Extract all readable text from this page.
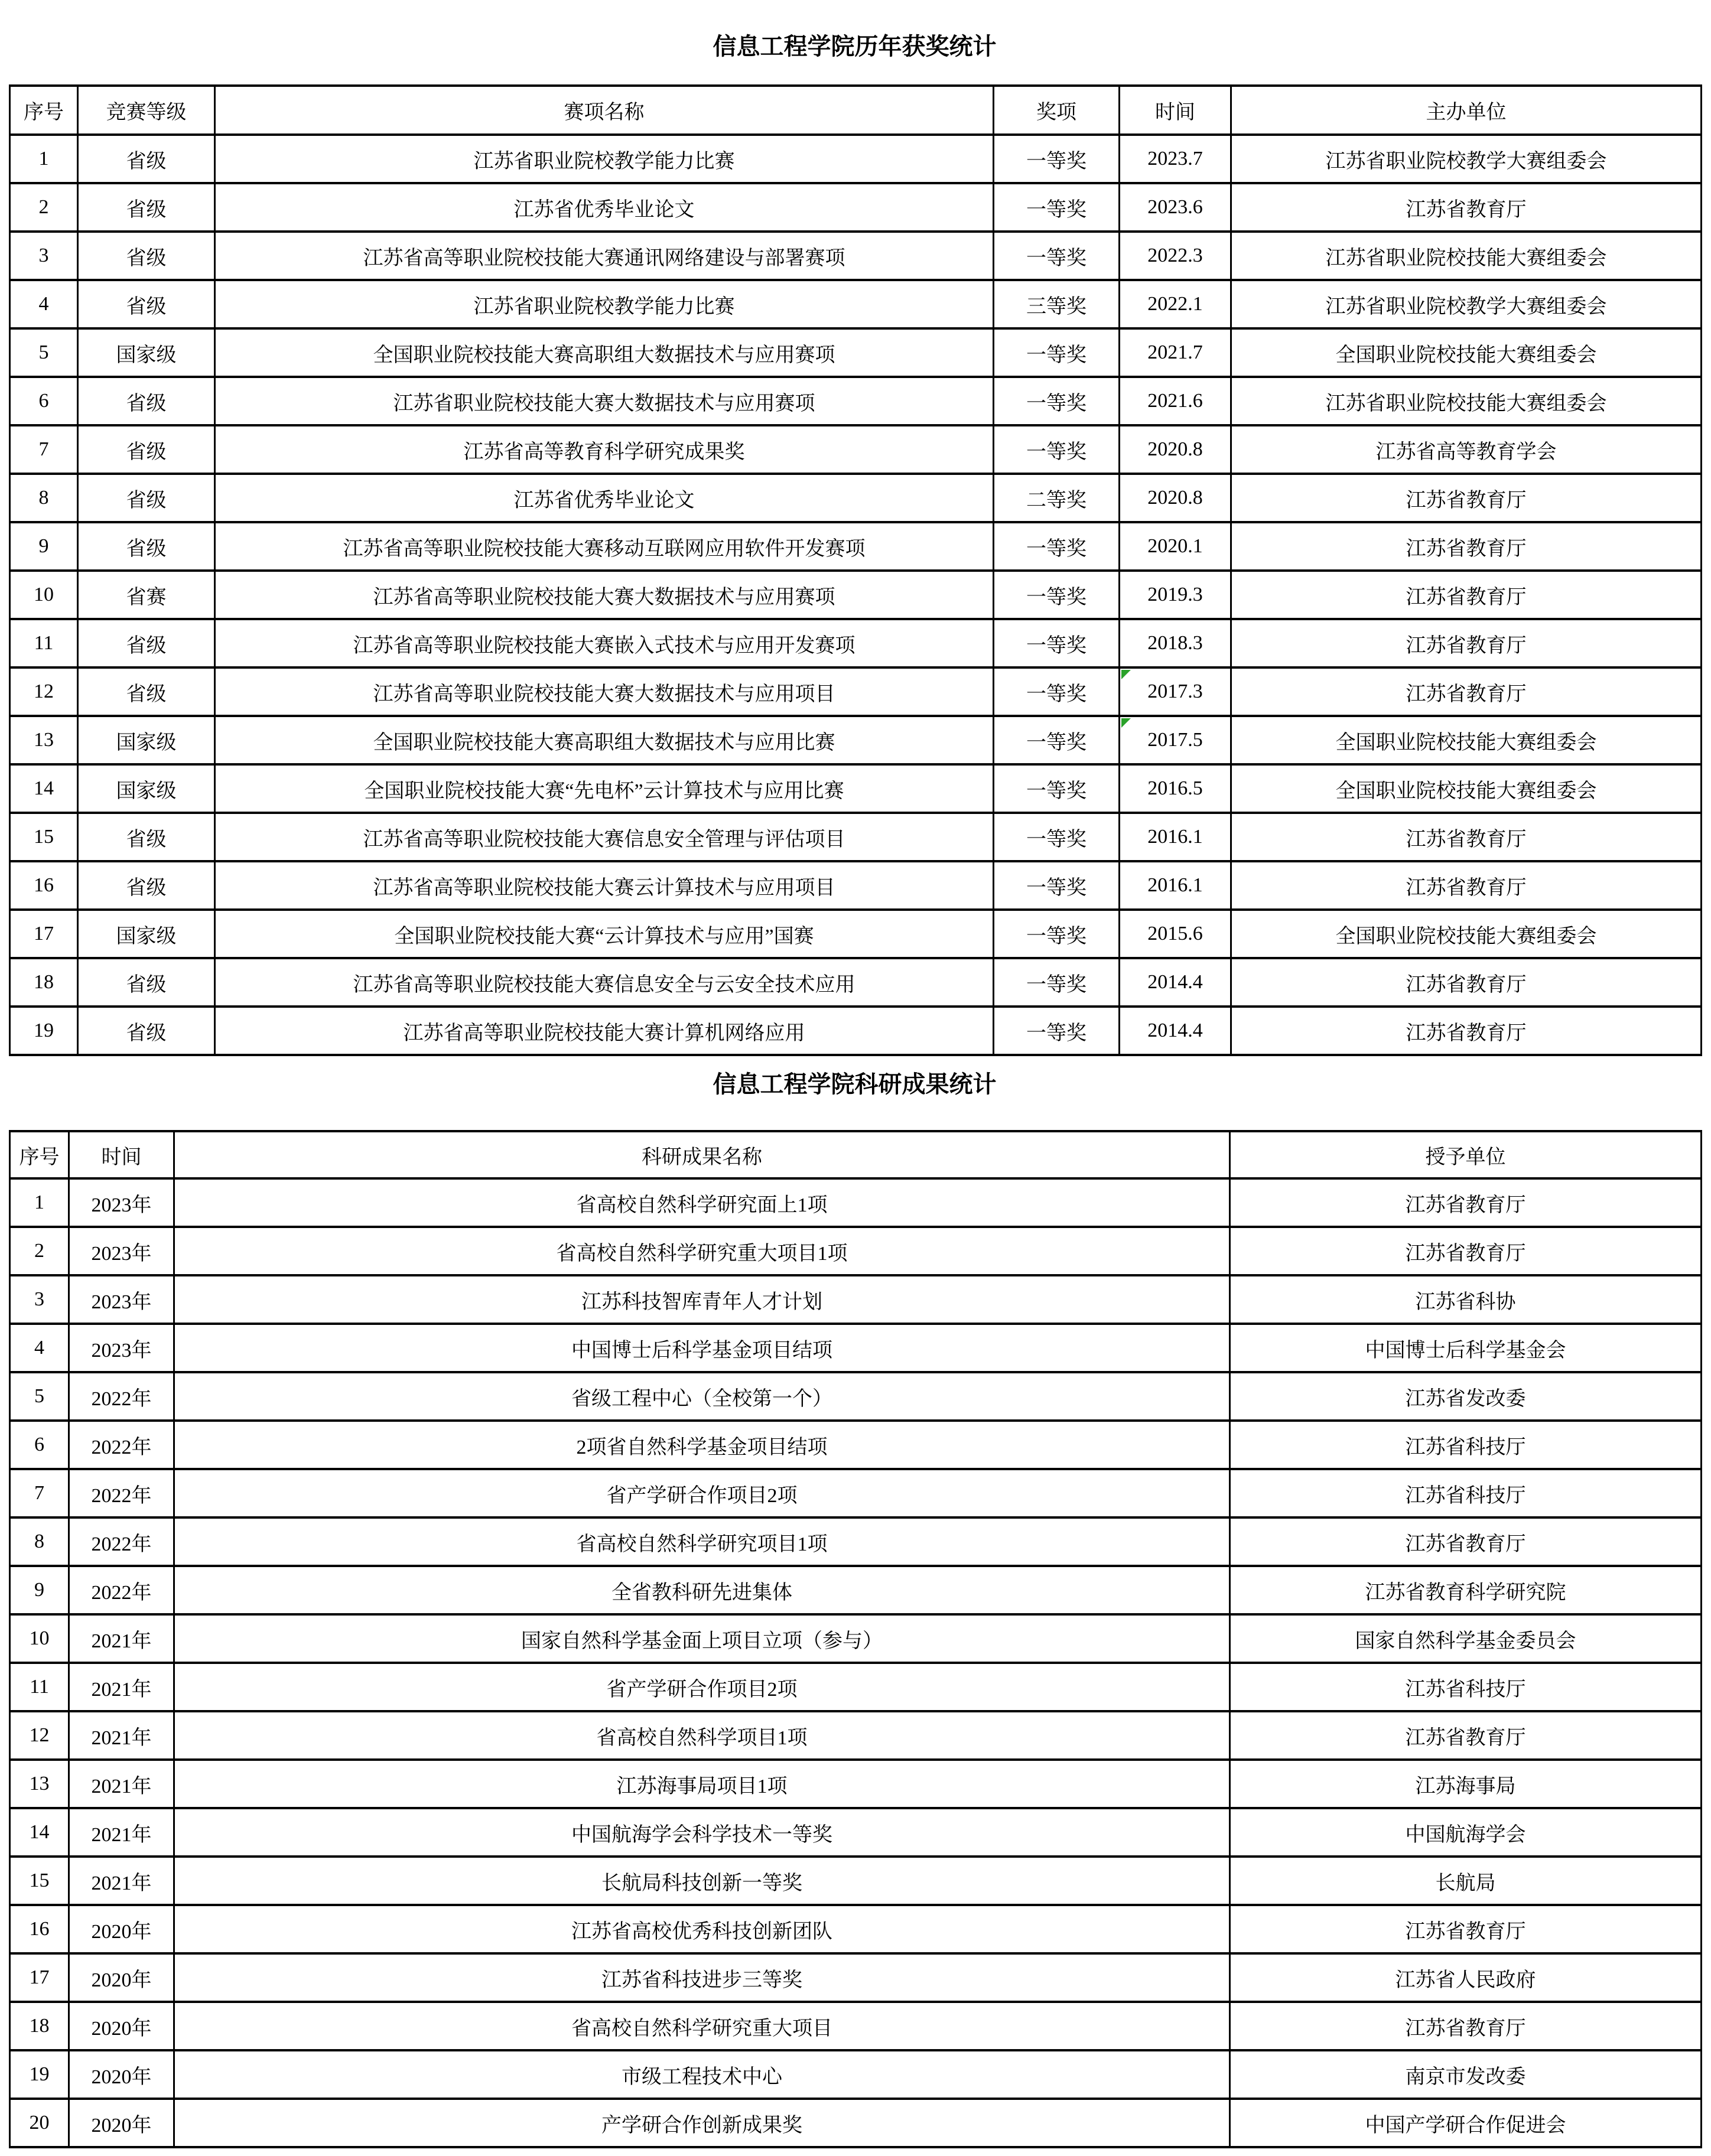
信息工程学院历年获奖统计
序号	竞赛等级	赛项名称	奖项	时间	主办单位
1	省级	江苏省职业院校教学能力比赛	一等奖	2023.7	江苏省职业院校教学大赛组委会
2	省级	江苏省优秀毕业论文	一等奖	2023.6	江苏省教育厅
3	省级	江苏省高等职业院校技能大赛通讯网络建设与部署赛项	一等奖	2022.3	江苏省职业院校技能大赛组委会
4	省级	江苏省职业院校教学能力比赛	三等奖	2022.1	江苏省职业院校教学大赛组委会
5	国家级	全国职业院校技能大赛高职组大数据技术与应用赛项	一等奖	2021.7	全国职业院校技能大赛组委会
6	省级	江苏省职业院校技能大赛大数据技术与应用赛项	一等奖	2021.6	江苏省职业院校技能大赛组委会
7	省级	江苏省高等教育科学研究成果奖	一等奖	2020.8	江苏省高等教育学会
8	省级	江苏省优秀毕业论文	二等奖	2020.8	江苏省教育厅
9	省级	江苏省高等职业院校技能大赛移动互联网应用软件开发赛项	一等奖	2020.1	江苏省教育厅
10	省赛	江苏省高等职业院校技能大赛大数据技术与应用赛项	一等奖	2019.3	江苏省教育厅
11	省级	江苏省高等职业院校技能大赛嵌入式技术与应用开发赛项	一等奖	2018.3	江苏省教育厅
12	省级	江苏省高等职业院校技能大赛大数据技术与应用项目	一等奖	2017.3	江苏省教育厅
13	国家级	全国职业院校技能大赛高职组大数据技术与应用比赛	一等奖	2017.5	全国职业院校技能大赛组委会
14	国家级	全国职业院校技能大赛“先电杯”云计算技术与应用比赛	一等奖	2016.5	全国职业院校技能大赛组委会
15	省级	江苏省高等职业院校技能大赛信息安全管理与评估项目	一等奖	2016.1	江苏省教育厅
16	省级	江苏省高等职业院校技能大赛云计算技术与应用项目	一等奖	2016.1	江苏省教育厅
17	国家级	全国职业院校技能大赛“云计算技术与应用”国赛	一等奖	2015.6	全国职业院校技能大赛组委会
18	省级	江苏省高等职业院校技能大赛信息安全与云安全技术应用	一等奖	2014.4	江苏省教育厅
19	省级	江苏省高等职业院校技能大赛计算机网络应用	一等奖	2014.4	江苏省教育厅
信息工程学院科研成果统计
序号	时间	科研成果名称	授予单位
1	2023年	省高校自然科学研究面上1项	江苏省教育厅
2	2023年	省高校自然科学研究重大项目1项	江苏省教育厅
3	2023年	江苏科技智库青年人才计划	江苏省科协
4	2023年	中国博士后科学基金项目结项	中国博士后科学基金会
5	2022年	省级工程中心（全校第一个）	江苏省发改委
6	2022年	2项省自然科学基金项目结项	江苏省科技厅
7	2022年	省产学研合作项目2项	江苏省科技厅
8	2022年	省高校自然科学研究项目1项	江苏省教育厅
9	2022年	全省教科研先进集体	江苏省教育科学研究院
10	2021年	国家自然科学基金面上项目立项（参与）	国家自然科学基金委员会
11	2021年	省产学研合作项目2项	江苏省科技厅
12	2021年	省高校自然科学项目1项	江苏省教育厅
13	2021年	江苏海事局项目1项	江苏海事局
14	2021年	中国航海学会科学技术一等奖	中国航海学会
15	2021年	长航局科技创新一等奖	长航局
16	2020年	江苏省高校优秀科技创新团队	江苏省教育厅
17	2020年	江苏省科技进步三等奖	江苏省人民政府
18	2020年	省高校自然科学研究重大项目	江苏省教育厅
19	2020年	市级工程技术中心	南京市发改委
20	2020年	产学研合作创新成果奖	中国产学研合作促进会
